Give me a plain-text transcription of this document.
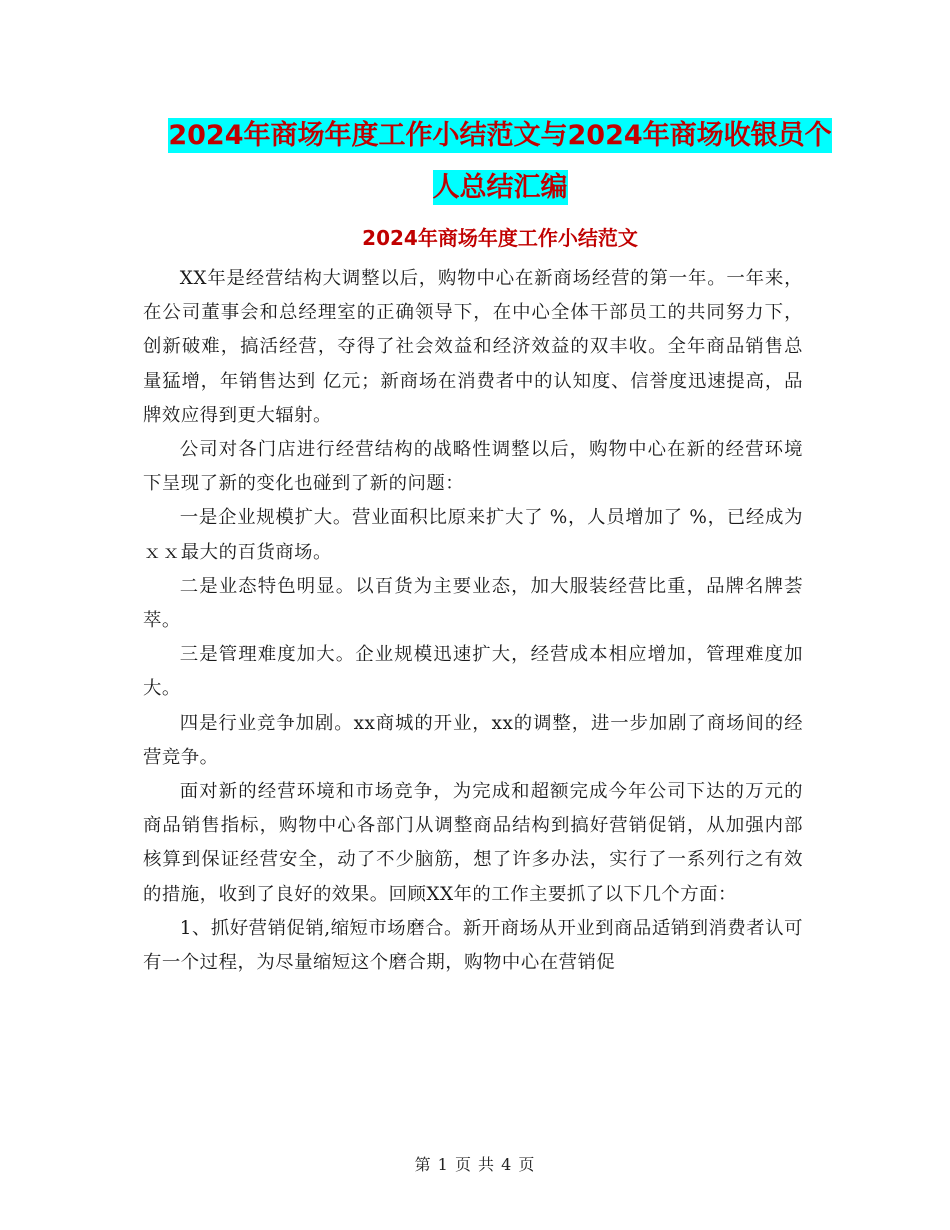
2024年商场年度工作小结范文与2024年商场收银员个
人总结汇编
2024年商场年度工作小结范文

XX年是经营结构大调整以后，购物中心在新商场经营的第一年。一年来，在公司董事会和总经理室的正确领导下，在中心全体干部员工的共同努力下，创新破难，搞活经营，夺得了社会效益和经济效益的双丰收。全年商品销售总量猛增，年销售达到 亿元；新商场在消费者中的认知度、信誉度迅速提高，品牌效应得到更大辐射。

公司对各门店进行经营结构的战略性调整以后，购物中心在新的经营环境下呈现了新的变化也碰到了新的问题：

一是企业规模扩大。营业面积比原来扩大了 %，人员增加了 %，已经成为ｘｘ最大的百货商场。

二是业态特色明显。以百货为主要业态，加大服装经营比重，品牌名牌荟萃。

三是管理难度加大。企业规模迅速扩大，经营成本相应增加，管理难度加大。

四是行业竞争加剧。xx商城的开业，xx的调整，进一步加剧了商场间的经营竞争。

面对新的经营环境和市场竞争，为完成和超额完成今年公司下达的万元的商品销售指标，购物中心各部门从调整商品结构到搞好营销促销，从加强内部核算到保证经营安全，动了不少脑筋，想了许多办法，实行了一系列行之有效的措施，收到了良好的效果。回顾XX年的工作主要抓了以下几个方面：

1、抓好营销促销,缩短市场磨合。新开商场从开业到商品适销到消费者认可有一个过程，为尽量缩短这个磨合期，购物中心在营销促

第 1 页 共 4 页
